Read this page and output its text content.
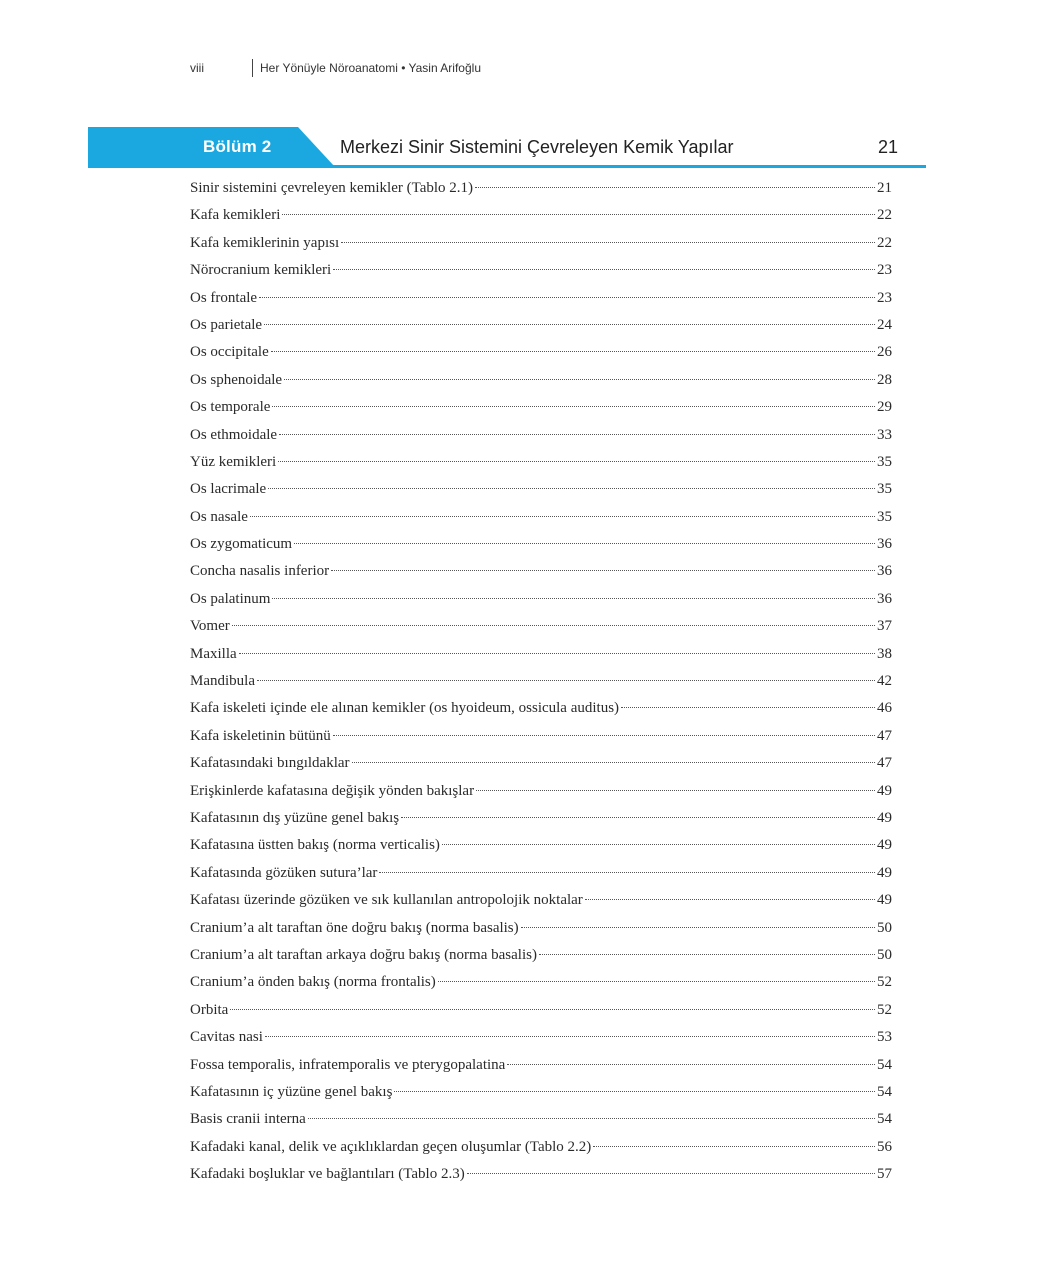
viii	Her Yönüyle Nöroanatomi • Yasin Arifoğlu
Bölüm 2	Merkezi Sinir Sistemini Çevreleyen Kemik Yapılar	21
Sinir sistemini çevreleyen kemikler (Tablo 2.1)	21
Kafa kemikleri	22
Kafa kemiklerinin yapısı	22
Nörocranium kemikleri	23
Os frontale	23
Os parietale	24
Os occipitale	26
Os sphenoidale	28
Os temporale	29
Os ethmoidale	33
Yüz kemikleri	35
Os lacrimale	35
Os nasale	35
Os zygomaticum	36
Concha nasalis inferior	36
Os palatinum	36
Vomer	37
Maxilla	38
Mandibula	42
Kafa iskeleti içinde ele alınan kemikler (os hyoideum, ossicula auditus)	46
Kafa iskeletinin bütünü	47
Kafatasındaki bıngıldaklar	47
Erişkinlerde kafatasına değişik yönden bakışlar	49
Kafatasının dış yüzüne genel bakış	49
Kafatasına üstten bakış (norma verticalis)	49
Kafatasında gözüken sutura’lar	49
Kafatası üzerinde gözüken ve sık kullanılan antropolojik noktalar	49
Cranium’a alt taraftan öne doğru bakış (norma basalis)	50
Cranium’a alt taraftan arkaya doğru bakış (norma basalis)	50
Cranium’a önden bakış (norma frontalis)	52
Orbita	52
Cavitas nasi	53
Fossa temporalis, infratemporalis ve pterygopalatina	54
Kafatasının iç yüzüne genel bakış	54
Basis cranii interna	54
Kafadaki kanal, delik ve açıklıklardan geçen oluşumlar (Tablo 2.2)	56
Kafadaki boşluklar ve bağlantıları (Tablo 2.3)	57
